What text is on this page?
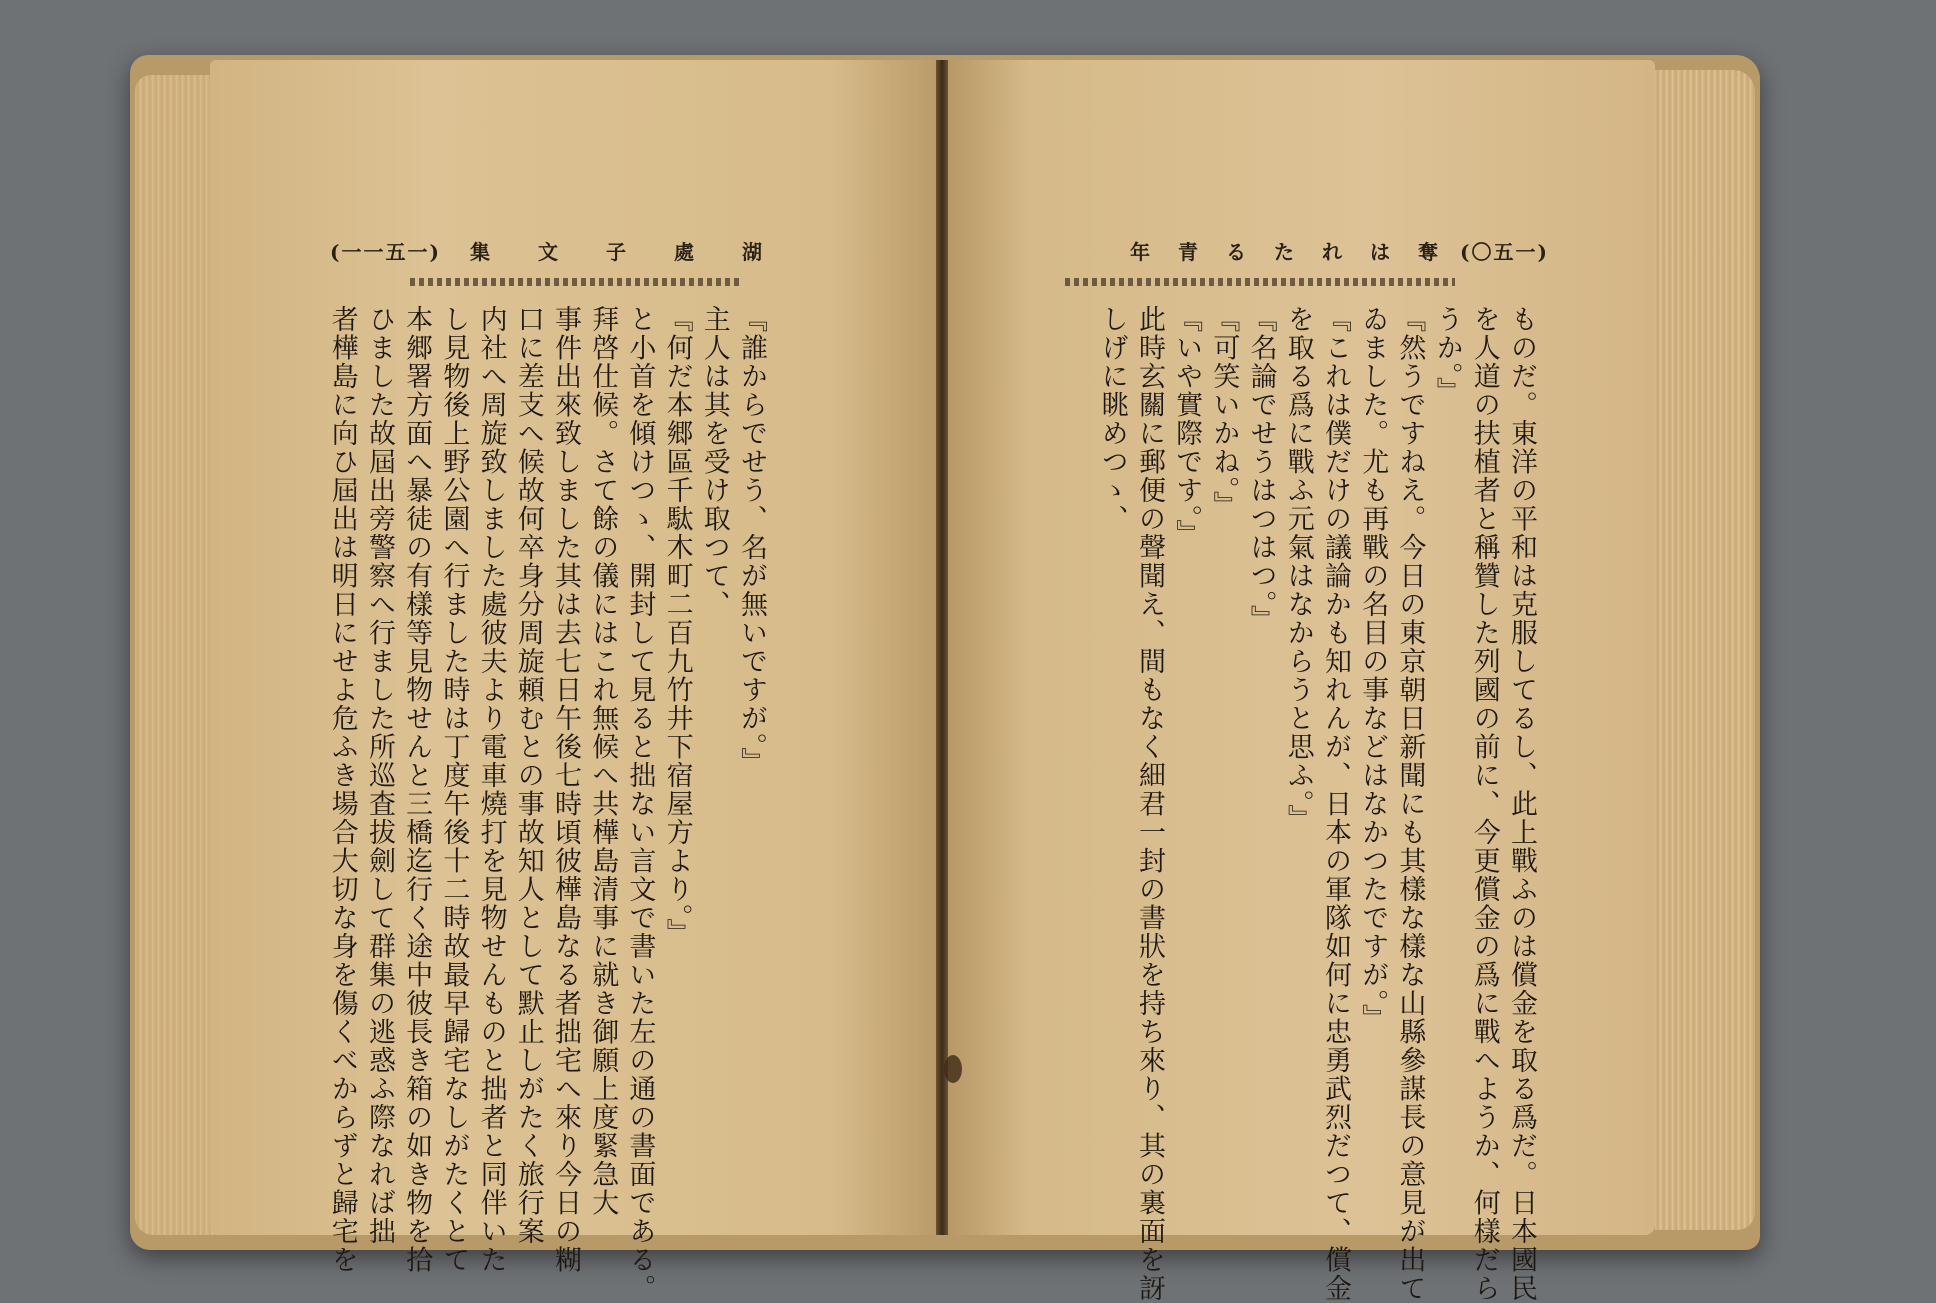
(一一五一) 集文子處湖	年青るたれは奪
(〇五一)
『誰からでせう、名が無いですが。』
主人は其を受け取つて、
『何だ本郷區千駄木町二百九竹井下宿屋方より。』
と小首を傾けつゝ、開封して見ると拙ない言文で書いた左の通の書面である。
拜啓仕候。さて餘の儀にはこれ無候へ共樺島清事に就き御願上度緊急大
事件出來致しました其は去七日午後七時頃彼樺島なる者拙宅へ來り今日の糊
口に差支へ候故何卒身分周旋頼むとの事故知人として默止しがたく旅行案
内社へ周旋致しました處彼夫より電車燒打を見物せんものと拙者と同伴いた
し見物後上野公園へ行ました時は丁度午後十二時故最早歸宅なしがたくとて
本郷署方面へ暴徒の有樣等見物せんと三橋迄行く途中彼長き箱の如き物を拾
ひました故屆出旁警察へ行ました所巡査拔劍して群集の逃惑ふ際なれば拙
者樺島に向ひ屆出は明日にせよ危ふき場合大切な身を傷くべからずと歸宅を	ものだ。東洋の平和は克服してるし、此上戰ふのは償金を取る爲だ。日本國民
を人道の扶植者と稱贊した列國の前に、今更償金の爲に戰へようか、何樣だら
うか。』
『然うですねえ。今日の東京朝日新聞にも其樣な樣な山縣參謀長の意見が出て
ゐました。尤も再戰の名目の事などはなかつたですが。』
『これは僕だけの議論かも知れんが、日本の軍隊如何に忠勇武烈だつて、償金
を取る爲に戰ふ元氣はなからうと思ふ。』
『名論でせうはつはつ。』
『可笑いかね。』
『いや實際です。』
此時玄關に郵便の聲聞え、間もなく細君一封の書狀を持ち來り、其の裏面を訝
しげに眺めつゝ、
